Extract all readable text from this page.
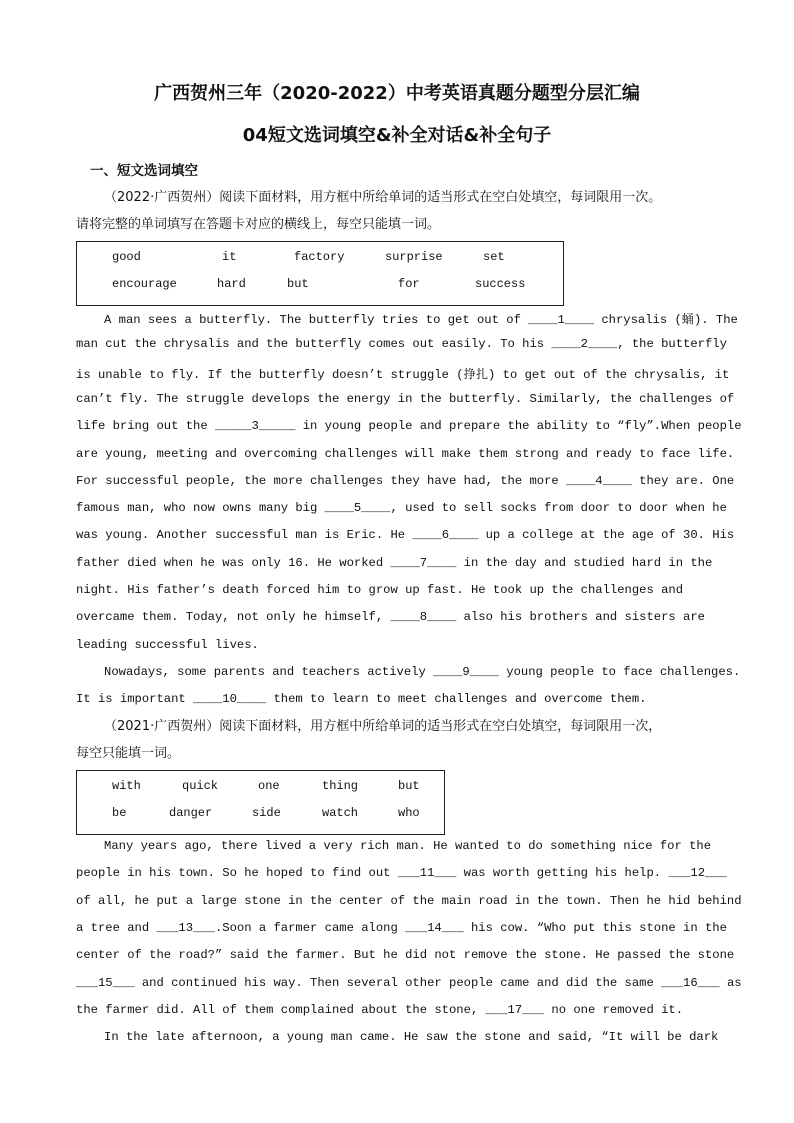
广西贺州三年（2020-2022）中考英语真题分题型分层汇编
04短文选词填空&补全对话&补全句子
一、短文选词填空
（2022·广西贺州）阅读下面材料，用方框中所给单词的适当形式在空白处填空，每词限用一次。
请将完整的单词填写在答题卡对应的横线上，每空只能填一词。
good	it	factory	surprise	set
encourage	hard	but	for	success
A man sees a butterfly. The butterfly tries to get out of ____1____ chrysalis (蛹). The
man cut the chrysalis and the butterfly comes out easily. To his ____2____, the butterfly
is unable to fly. If the butterfly doesn’t struggle (挣扎) to get out of the chrysalis, it
can’t fly. The struggle develops the energy in the butterfly. Similarly, the challenges of
life bring out the _____3_____ in young people and prepare the ability to “fly”.When people
are young, meeting and overcoming challenges will make them strong and ready to face life.
For successful people, the more challenges they have had, the more ____4____ they are. One
famous man, who now owns many big ____5____, used to sell socks from door to door when he
was young. Another successful man is Eric. He ____6____ up a college at the age of 30. His
father died when he was only 16. He worked ____7____ in the day and studied hard in the
night. His father’s death forced him to grow up fast. He took up the challenges and
overcame them. Today, not only he himself, ____8____ also his brothers and sisters are
leading successful lives.
Nowadays, some parents and teachers actively ____9____ young people to face challenges.
It is important ____10____ them to learn to meet challenges and overcome them.
（2021·广西贺州）阅读下面材料，用方框中所给单词的适当形式在空白处填空，每词限用一次，
每空只能填一词。
with	quick	one	thing	but
be	danger	side	watch	who
Many years ago, there lived a very rich man. He wanted to do something nice for the
people in his town. So he hoped to find out ___11___ was worth getting his help. ___12___
of all, he put a large stone in the center of the main road in the town. Then he hid behind
a tree and ___13___.Soon a farmer came along ___14___ his cow. “Who put this stone in the
center of the road?” said the farmer. But he did not remove the stone. He passed the stone
___15___ and continued his way. Then several other people came and did the same ___16___ as
the farmer did. All of them complained about the stone, ___17___ no one removed it.
In the late afternoon, a young man came. He saw the stone and said, “It will be dark
